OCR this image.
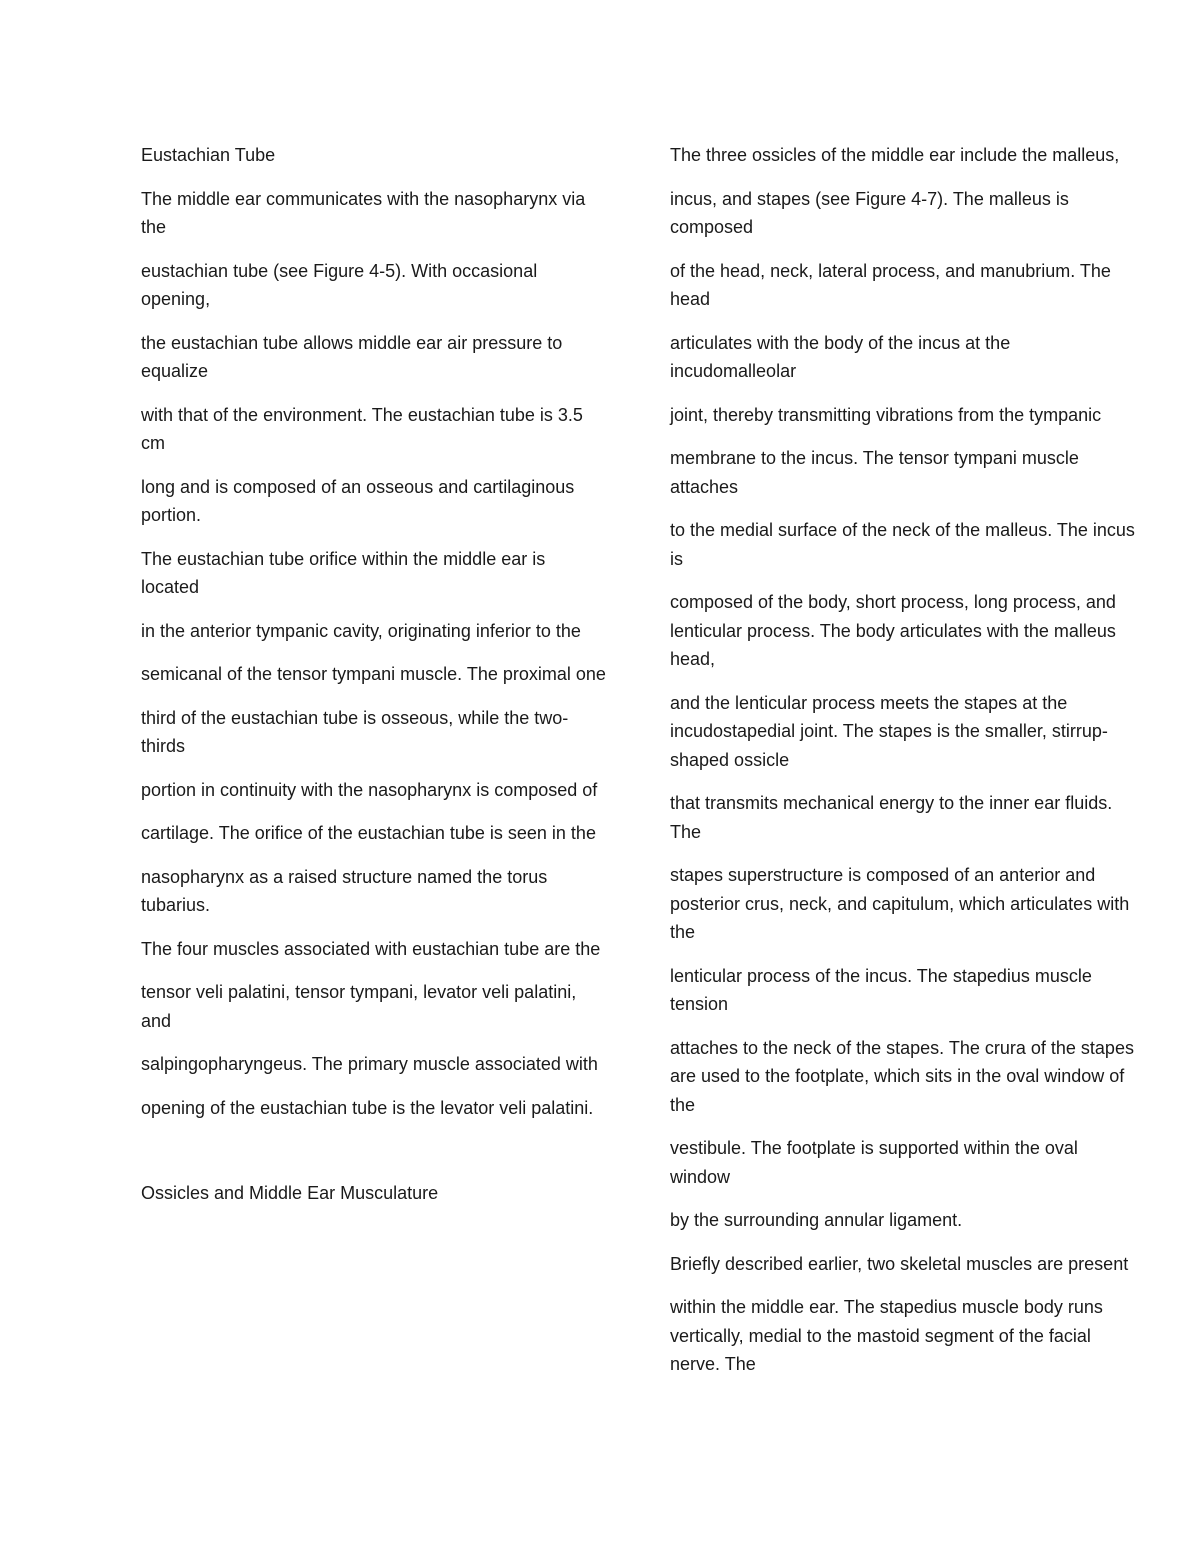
Eustachian Tube

The middle ear communicates with the nasopharynx via the

eustachian tube (see Figure 4-5). With occasional opening,

the eustachian tube allows middle ear air pressure to equalize

with that of the environment. The eustachian tube is 3.5 cm

long and is composed of an osseous and cartilaginous portion.

The eustachian tube orifice within the middle ear is located

in the anterior tympanic cavity, originating inferior to the

semicanal of the tensor tympani muscle. The proximal one

third of the eustachian tube is osseous, while the two-thirds

portion in continuity with the nasopharynx is composed of

cartilage. The orifice of the eustachian tube is seen in the

nasopharynx as a raised structure named the torus tubarius.

The four muscles associated with eustachian tube are the

tensor veli palatini, tensor tympani, levator veli palatini, and

salpingopharyngeus. The primary muscle associated with

opening of the eustachian tube is the levator veli palatini.

Ossicles and Middle Ear Musculature

The three ossicles of the middle ear include the malleus,

incus, and stapes (see Figure 4-7). The malleus is composed

of the head, neck, lateral process, and manubrium. The head

articulates with the body of the incus at the incudomalleolar

joint, thereby transmitting vibrations from the tympanic

membrane to the incus. The tensor tympani muscle attaches

to the medial surface of the neck of the malleus. The incus is

composed of the body, short process, long process, and lenticular process. The body articulates with the malleus head,

and the lenticular process meets the stapes at the incudostapedial joint. The stapes is the smaller, stirrup-shaped ossicle

that transmits mechanical energy to the inner ear fluids. The

stapes superstructure is composed of an anterior and posterior crus, neck, and capitulum, which articulates with the

lenticular process of the incus. The stapedius muscle tension

attaches to the neck of the stapes. The crura of the stapes are used to the footplate, which sits in the oval window of the

vestibule. The footplate is supported within the oval window

by the surrounding annular ligament.

Briefly described earlier, two skeletal muscles are present

within the middle ear. The stapedius muscle body runs vertically, medial to the mastoid segment of the facial nerve. The
